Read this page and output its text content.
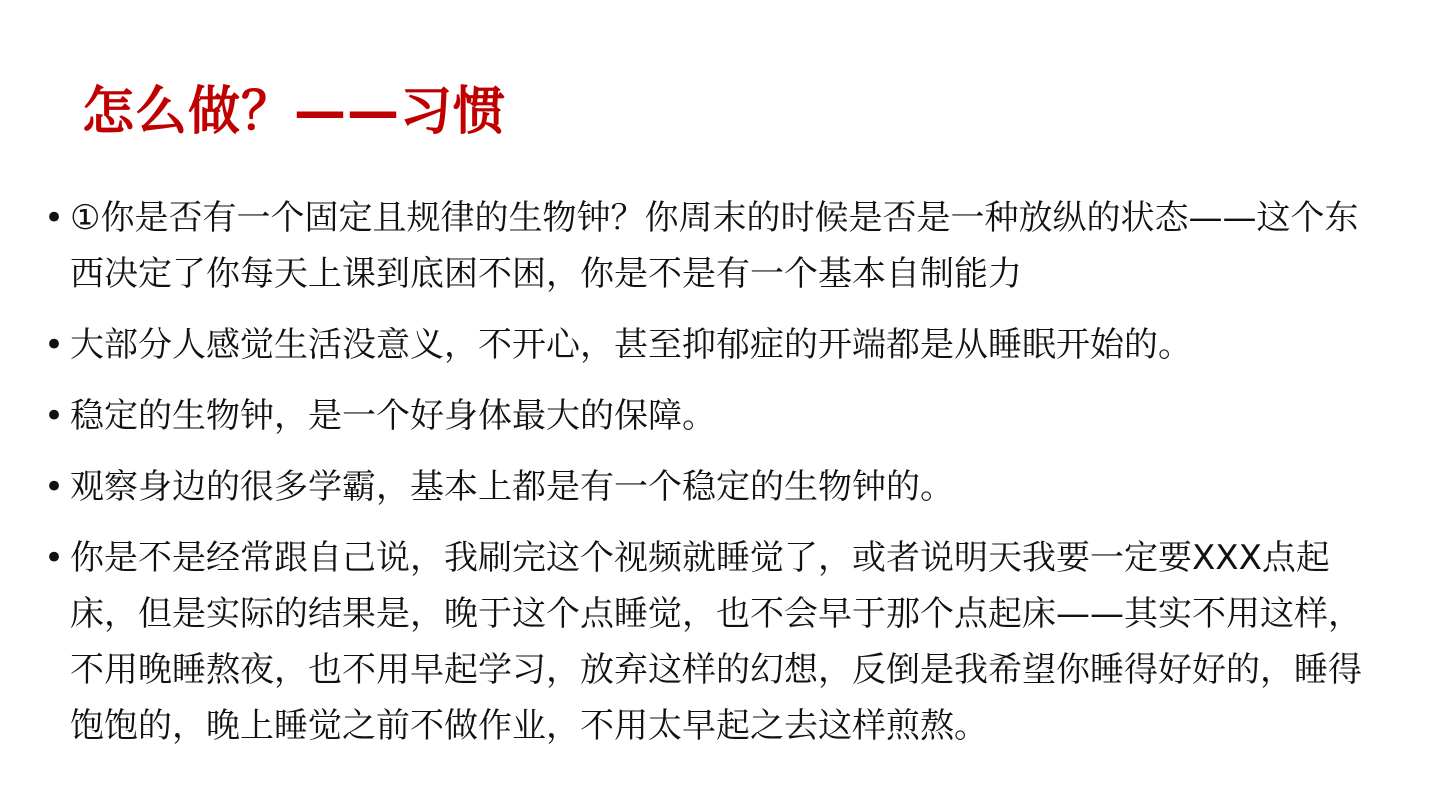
怎么做？——习惯
• ①你是否有一个固定且规律的生物钟？你周末的时候是否是一种放纵的状态——这个东西决定了你每天上课到底困不困，你是不是有一个基本自制能力
• 大部分人感觉生活没意义，不开心，甚至抑郁症的开端都是从睡眠开始的。
• 稳定的生物钟，是一个好身体最大的保障。
• 观察身边的很多学霸，基本上都是有一个稳定的生物钟的。
• 你是不是经常跟自己说，我刷完这个视频就睡觉了，或者说明天我要一定要XXX点起床，但是实际的结果是，晚于这个点睡觉，也不会早于那个点起床——其实不用这样，不用晚睡熬夜，也不用早起学习，放弃这样的幻想，反倒是我希望你睡得好好的，睡得饱饱的，晚上睡觉之前不做作业，不用太早起之去这样煎熬。
